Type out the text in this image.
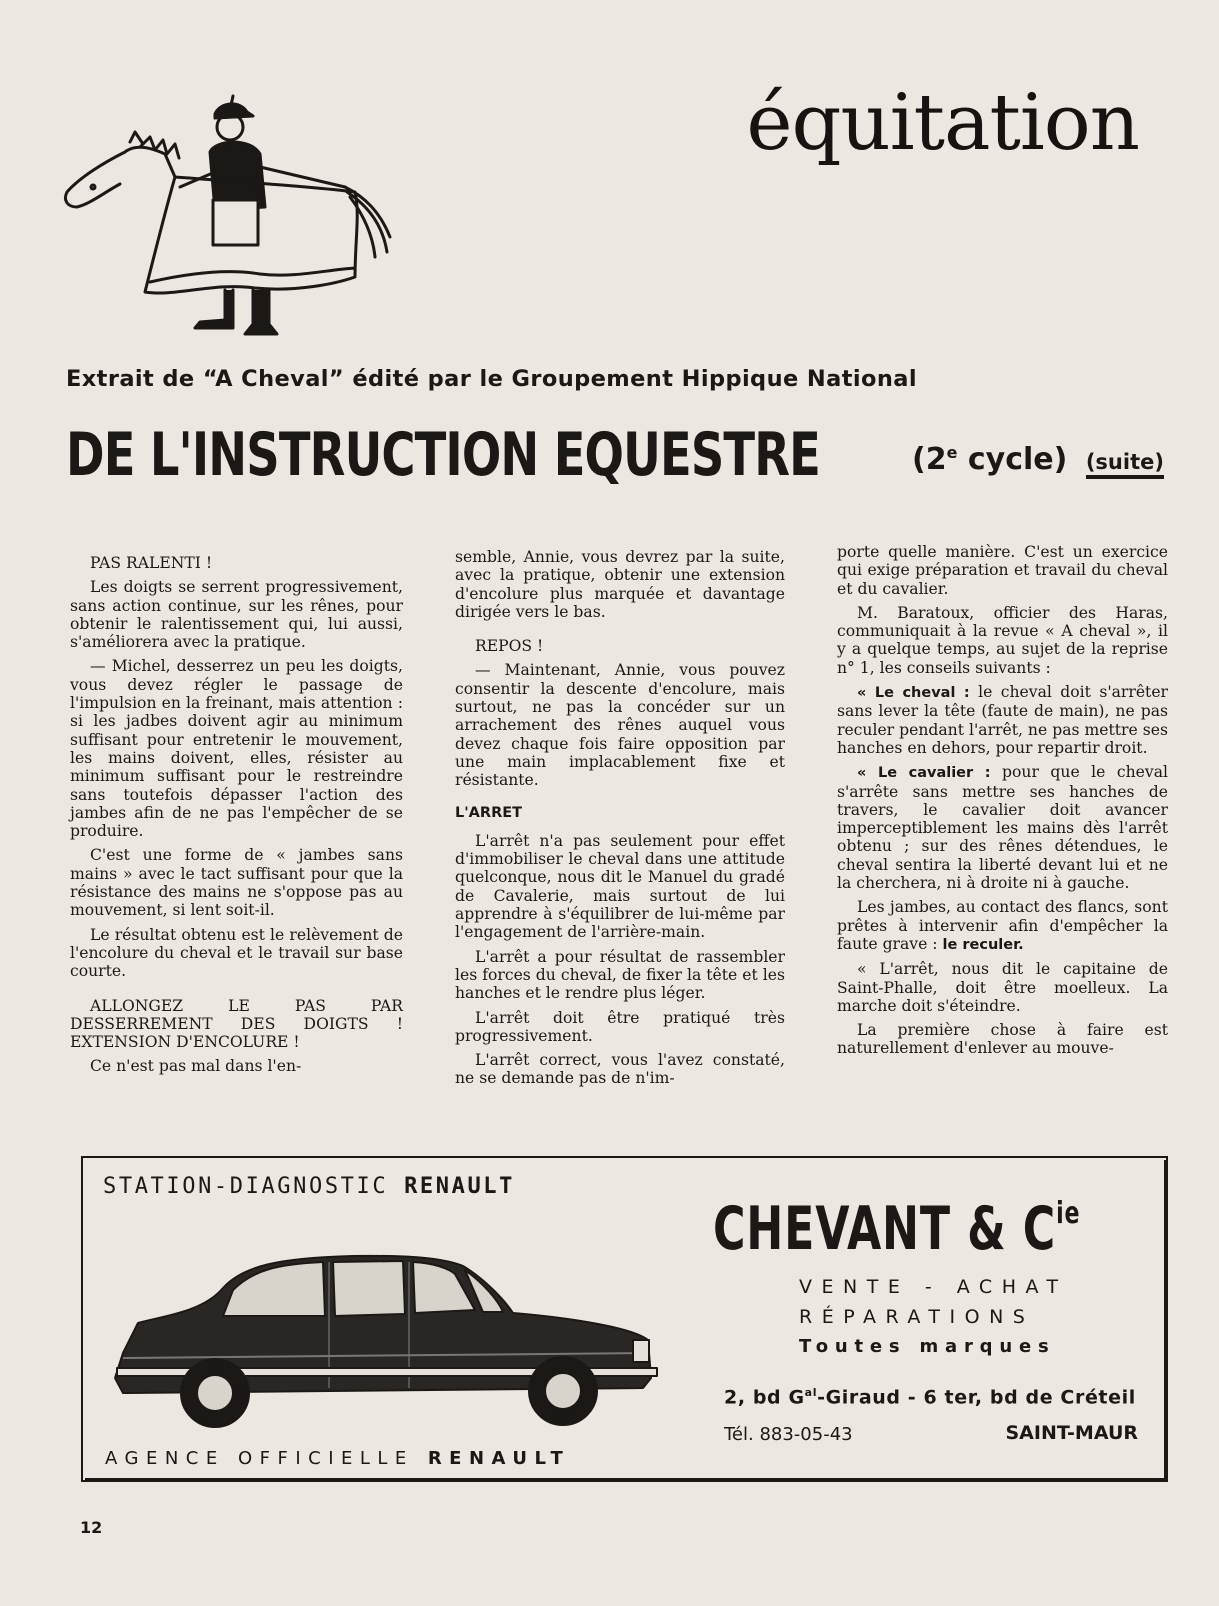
équitation
Extrait de “A Cheval” édité par le Groupement Hippique National
DE L'INSTRUCTION EQUESTRE	(2e cycle) (suite)

PAS RALENTI !

Les doigts se serrent progressivement, sans action continue, sur les rênes, pour obtenir le ralentissement qui, lui aussi, s'améliorera avec la pratique.

— Michel, desserrez un peu les doigts, vous devez régler le passage de l'impulsion en la freinant, mais attention : si les jadbes doivent agir au minimum suffisant pour entretenir le mouvement, les mains doivent, elles, résister au minimum suffisant pour le restreindre sans toutefois dépasser l'action des jambes afin de ne pas l'empêcher de se produire.

C'est une forme de « jambes sans mains » avec le tact suffisant pour que la résistance des mains ne s'oppose pas au mouvement, si lent soit-il.

Le résultat obtenu est le relèvement de l'encolure du cheval et le travail sur base courte.

ALLONGEZ LE PAS PAR DESSERREMENT DES DOIGTS ! EXTENSION D'ENCOLURE !

Ce n'est pas mal dans l'en-

semble, Annie, vous devrez par la suite, avec la pratique, obtenir une extension d'encolure plus marquée et davantage dirigée vers le bas.

REPOS !

— Maintenant, Annie, vous pouvez consentir la descente d'encolure, mais surtout, ne pas la concéder sur un arrachement des rênes auquel vous devez chaque fois faire opposition par une main implacablement fixe et résistante.

L'ARRET

L'arrêt n'a pas seulement pour effet d'immobiliser le cheval dans une attitude quelconque, nous dit le Manuel du gradé de Cavalerie, mais surtout de lui apprendre à s'équilibrer de lui-même par l'engagement de l'arrière-main.

L'arrêt a pour résultat de rassembler les forces du cheval, de fixer la tête et les hanches et le rendre plus léger.

L'arrêt doit être pratiqué très progressivement.

L'arrêt correct, vous l'avez constaté, ne se demande pas de n'im-

porte quelle manière. C'est un exercice qui exige préparation et travail du cheval et du cavalier.

M. Baratoux, officier des Haras, communiquait à la revue « A cheval », il y a quelque temps, au sujet de la reprise n° 1, les conseils suivants :

« Le cheval : le cheval doit s'arrêter sans lever la tête (faute de main), ne pas reculer pendant l'arrêt, ne pas mettre ses hanches en dehors, pour repartir droit.

« Le cavalier : pour que le cheval s'arrête sans mettre ses hanches de travers, le cavalier doit avancer imperceptiblement les mains dès l'arrêt obtenu ; sur des rênes détendues, le cheval sentira la liberté devant lui et ne la cherchera, ni à droite ni à gauche.

Les jambes, au contact des flancs, sont prêtes à intervenir afin d'empêcher la faute grave : le reculer.

« L'arrêt, nous dit le capitaine de Saint-Phalle, doit être moelleux. La marche doit s'éteindre.

La première chose à faire est naturellement d'enlever au mouve-

STATION-DIAGNOSTIC RENAULT
AGENCE OFFICIELLE RENAULT
CHEVANT & $C^{ie}$
VENTE - ACHAT
RÉPARATIONS
Toutes marques
2, bd $G^{al}$-Giraud - 6 ter, bd de Créteil
Tél. 883-05-43	SAINT-MAUR
12
